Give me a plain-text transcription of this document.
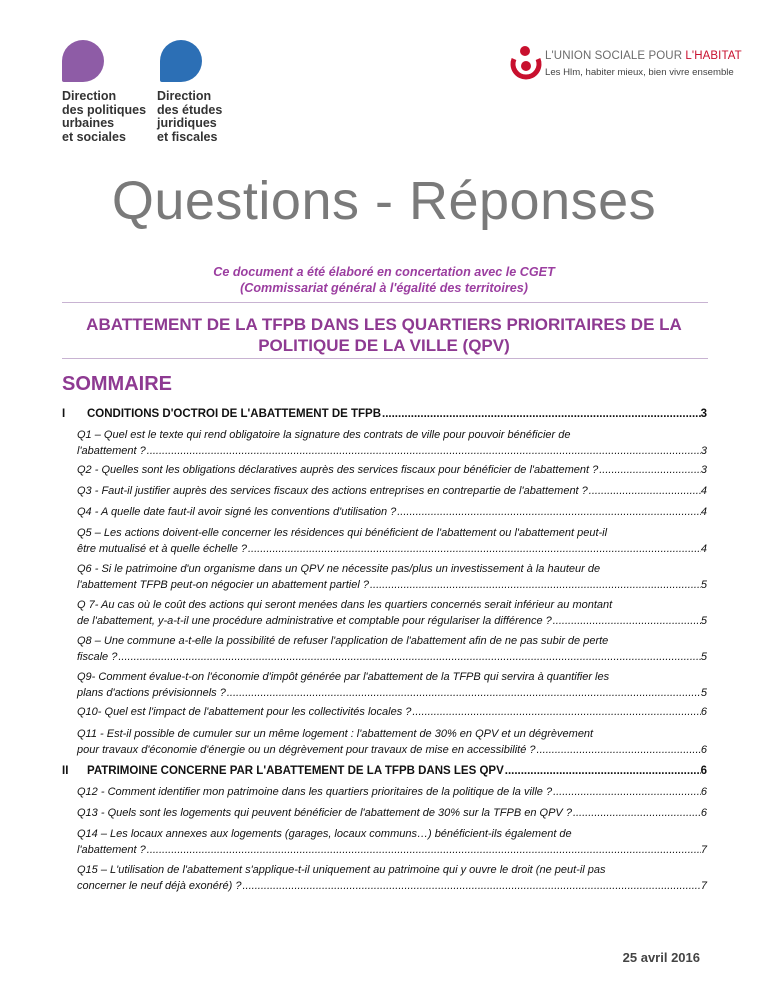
Direction
des politiques
urbaines
et sociales
Direction
des études
juridiques
et fiscales
L'UNION SOCIALE POUR L'HABITAT
Les Hlm, habiter mieux, bien vivre ensemble
Questions - Réponses
Ce document a été élaboré en concertation avec le CGET
(Commissariat général à l'égalité des territoires)
ABATTEMENT DE LA TFPB DANS LES QUARTIERS PRIORITAIRES DE LA POLITIQUE DE LA VILLE (QPV)
SOMMAIRE
I CONDITIONS D'OCTROI DE L'ABATTEMENT DE TFPB .....	3
Q1 – Quel est le texte qui rend obligatoire la signature des contrats de ville pour pouvoir bénéficier de
l'abattement ? .....	3
Q2 - Quelles sont les obligations déclaratives auprès des services fiscaux pour bénéficier de l'abattement ? .....	3
Q3 - Faut-il justifier auprès des services fiscaux des actions entreprises en contrepartie de l'abattement ? .....	4
Q4 - A quelle date faut-il avoir signé les conventions d'utilisation ? .....	4
Q5 – Les actions doivent-elle concerner les résidences qui bénéficient de l'abattement ou l'abattement peut-il
être mutualisé et à quelle échelle ? .....	4
Q6 - Si le patrimoine d'un organisme dans un QPV ne nécessite pas/plus un investissement à la hauteur de
l'abattement TFPB peut-on négocier un abattement partiel ? .....	5
Q 7- Au cas où le coût des actions qui seront menées dans les quartiers concernés serait inférieur au montant
de l'abattement, y-a-t-il une procédure administrative et comptable pour régulariser la différence ? .....	5
Q8 – Une commune a-t-elle la possibilité de refuser l'application de l'abattement afin de ne pas subir de perte
fiscale ? .....	5
Q9- Comment évalue-t-on l'économie d'impôt générée par l'abattement de la TFPB qui servira à quantifier les
plans d'actions prévisionnels ? .....	5
Q10- Quel est l'impact de l'abattement pour les collectivités locales ? .....	6
Q11 - Est-il possible de cumuler sur un même logement : l'abattement de 30% en QPV et un dégrèvement
pour travaux d'économie d'énergie ou un dégrèvement pour travaux de mise en accessibilité ? .....	6
II PATRIMOINE CONCERNE PAR L'ABATTEMENT DE LA TFPB DANS LES QPV .....	6
Q12 - Comment identifier mon patrimoine dans les quartiers prioritaires de la politique de la ville ? .....	6
Q13 - Quels sont les logements qui peuvent bénéficier de l'abattement de 30% sur la TFPB en QPV ? .....	6
Q14 – Les locaux annexes aux logements (garages, locaux communs…) bénéficient-ils également de
l'abattement ? .....	7
Q15 – L'utilisation de l'abattement s'applique-t-il uniquement au patrimoine qui y ouvre le droit (ne peut-il pas
concerner le neuf déjà exonéré) ? .....	7
25 avril 2016
